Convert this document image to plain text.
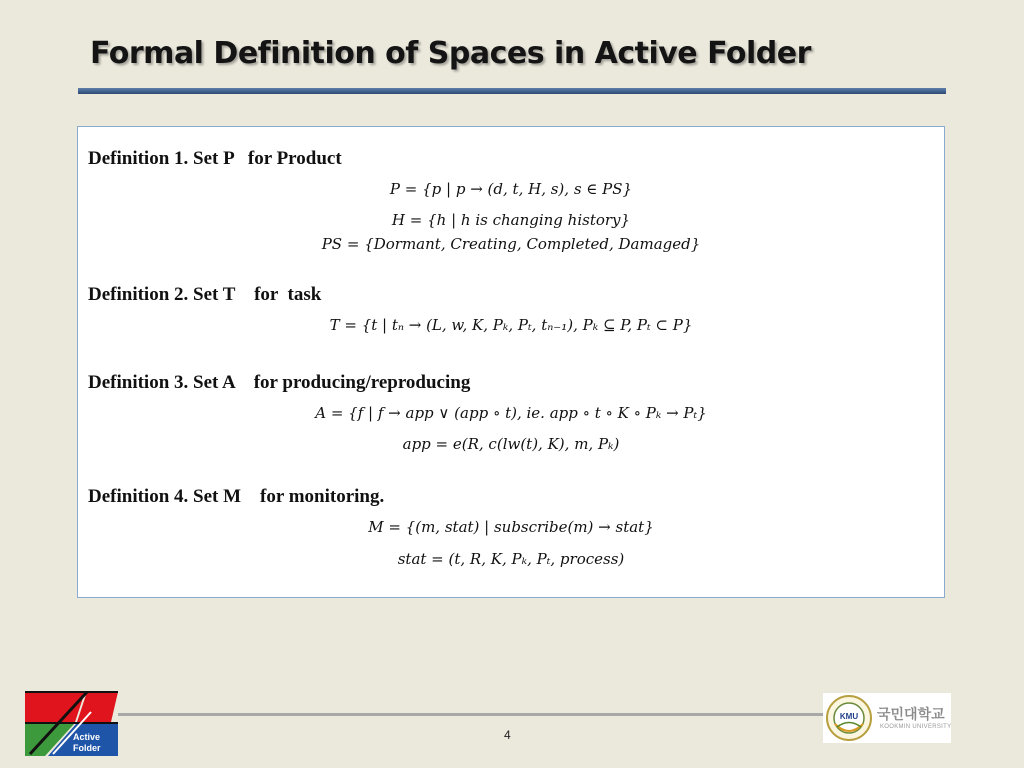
Formal Definition of Spaces in Active Folder
Definition 1. Set P   for Product
P = {p | p → (d, t, H, s), s ∈ PS}
H = {h | h is changing history}
PS = {Dormant, Creating, Completed, Damaged}
Definition 2. Set T    for  task
T = {t | tₙ → (L, w, K, Pₖ, Pₜ, tₙ₋₁), Pₖ ⊆ P, Pₜ ⊂ P}
Definition 3. Set A    for producing/reproducing
A = {f | f → app ∨ (app ∘ t), ie. app ∘ t ∘ K ∘ Pₖ → Pₜ}
app = e(R, c(lw(t), K), m, Pₖ)
Definition 4. Set M    for monitoring.
M = {(m, stat) | subscribe(m) → stat}
stat = (t, R, K, Pₖ, Pₜ, process)
4
Active
Folder
KMU 국민대학교
KOOKMIN UNIVERSITY
